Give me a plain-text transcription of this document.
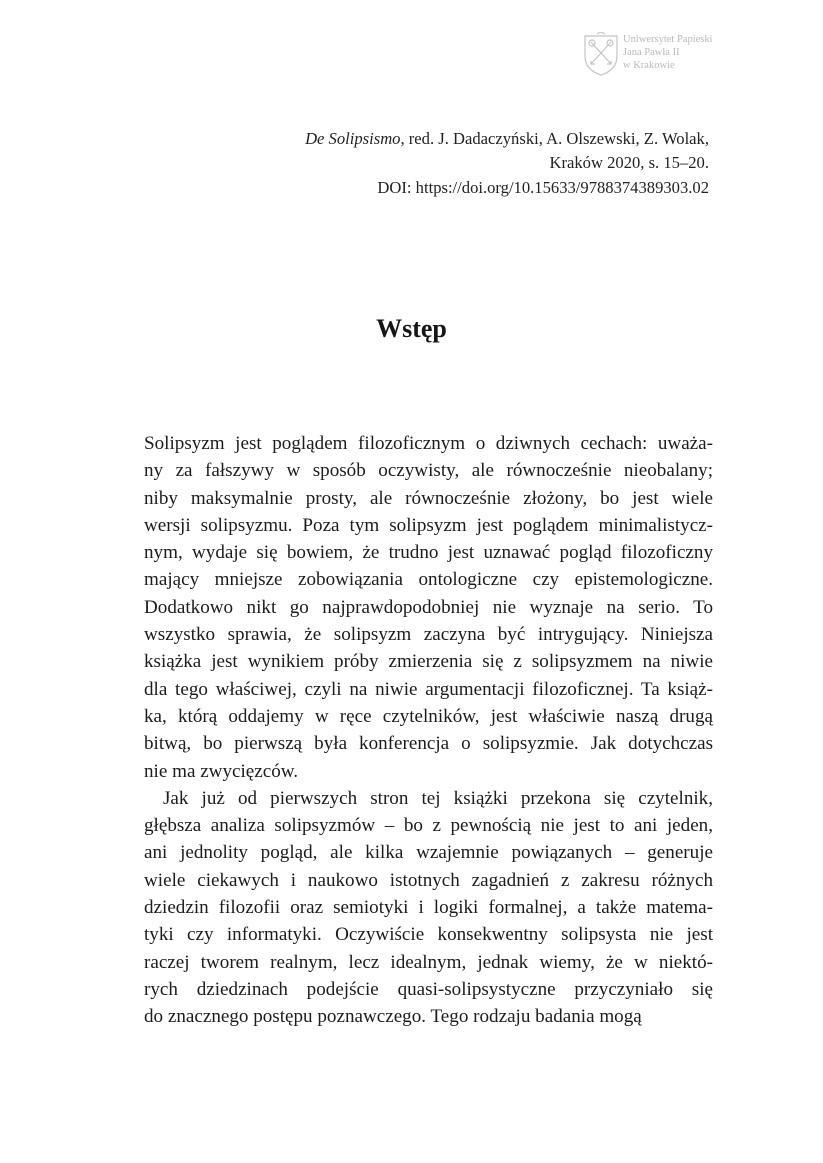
Uniwersytet Papieski
Jana Pawła II
w Krakowie
De Solipsismo, red. J. Dadaczyński, A. Olszewski, Z. Wolak,
Kraków 2020, s. 15–20.
DOI: https://doi.org/10.15633/9788374389303.02
Wstęp
Solipsyzm jest poglądem filozoficznym o dziwnych cechach: uważa-
ny za fałszywy w sposób oczywisty, ale równocześnie nieobalany;
niby maksymalnie prosty, ale równocześnie złożony, bo jest wiele
wersji solipsyzmu. Poza tym solipsyzm jest poglądem minimalistycz-
nym, wydaje się bowiem, że trudno jest uznawać pogląd filozoficzny
mający mniejsze zobowiązania ontologiczne czy epistemologiczne.
Dodatkowo nikt go najprawdopodobniej nie wyznaje na serio. To
wszystko sprawia, że solipsyzm zaczyna być intrygujący. Niniejsza
książka jest wynikiem próby zmierzenia się z solipsyzmem na niwie
dla tego właściwej, czyli na niwie argumentacji filozoficznej. Ta książ-
ka, którą oddajemy w ręce czytelników, jest właściwie naszą drugą
bitwą, bo pierwszą była konferencja o solipsyzmie. Jak dotychczas
nie ma zwycięzców.
Jak już od pierwszych stron tej książki przekona się czytelnik,
głębsza analiza solipsyzmów – bo z pewnością nie jest to ani jeden,
ani jednolity pogląd, ale kilka wzajemnie powiązanych – generuje
wiele ciekawych i naukowo istotnych zagadnień z zakresu różnych
dziedzin filozofii oraz semiotyki i logiki formalnej, a także matema-
tyki czy informatyki. Oczywiście konsekwentny solipsysta nie jest
raczej tworem realnym, lecz idealnym, jednak wiemy, że w niektó-
rych dziedzinach podejście quasi-solipsystyczne przyczyniało się
do znacznego postępu poznawczego. Tego rodzaju badania mogą
